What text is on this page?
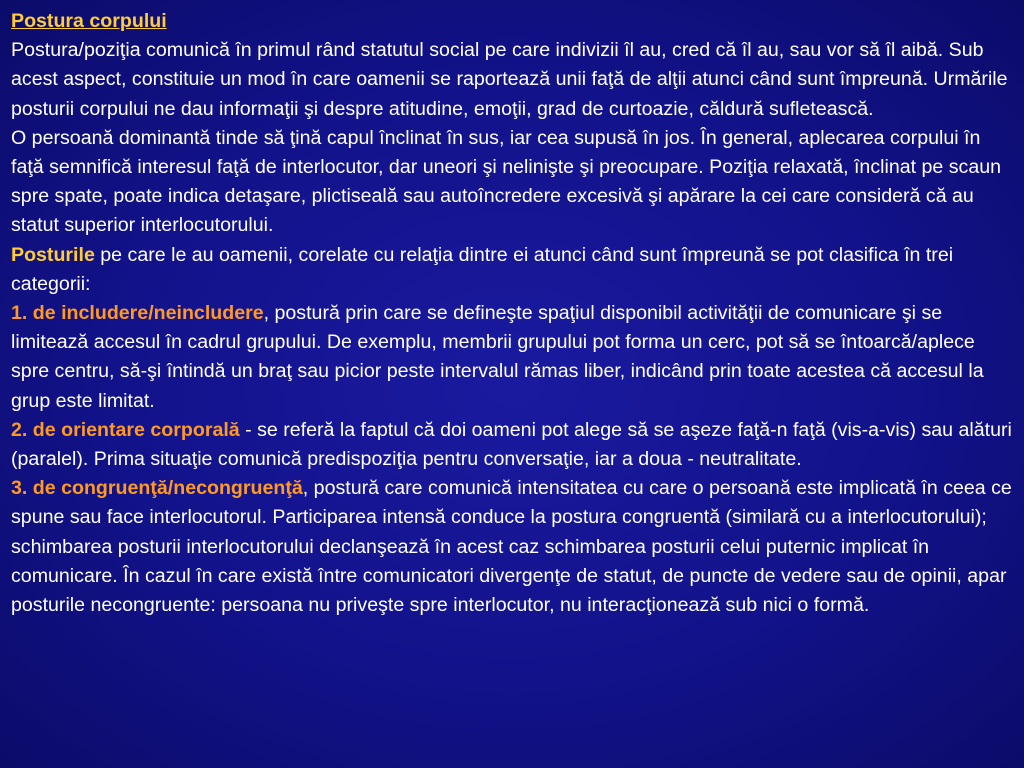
Postura corpului

Postura/poziţia comunică în primul rând statutul social pe care indivizii îl au, cred că îl au, sau vor să îl aibă. Sub acest aspect, constituie un mod în care oamenii se raportează unii faţă de alţii atunci când sunt împreună. Urmările posturii corpului ne dau informaţii şi despre atitudine, emoţii, grad de curtoazie, căldură sufletească.

O persoană dominantă tinde să ţină capul înclinat în sus, iar cea supusă în jos. În general, aplecarea corpului în faţă semnifică interesul faţă de interlocutor, dar uneori şi nelinişte şi preocupare. Poziţia relaxată, înclinat pe scaun spre spate, poate indica detaşare, plictiseală sau autoîncredere excesivă şi apărare la cei care consideră că au statut superior interlocutorului.

Posturile pe care le au oamenii, corelate cu relaţia dintre ei atunci când sunt împreună se pot clasifica în trei categorii:

1. de includere/neincludere, postură prin care se defineşte spaţiul disponibil activităţii de comunicare şi se limitează accesul în cadrul grupului. De exemplu, membrii grupului pot forma un cerc, pot să se întoarcă/aplece spre centru, să-şi întindă un braţ sau picior peste intervalul rămas liber, indicând prin toate acestea că accesul la grup este limitat.

2. de orientare corporală - se referă la faptul că doi oameni pot alege să se aşeze faţă-n faţă (vis-a-vis) sau alături (paralel). Prima situaţie comunică predispoziţia pentru conversaţie, iar a doua - neutralitate.

3. de congruenţă/necongruenţă, postură care comunică intensitatea cu care o persoană este implicată în ceea ce spune sau face interlocutorul. Participarea intensă conduce la postura congruentă (similară cu a interlocutorului); schimbarea posturii interlocutorului declanşează în acest caz schimbarea posturii celui puternic implicat în comunicare. În cazul în care există între comunicatori divergenţe de statut, de puncte de vedere sau de opinii, apar posturile necongruente: persoana nu priveşte spre interlocutor, nu interacţionează sub nici o formă.
